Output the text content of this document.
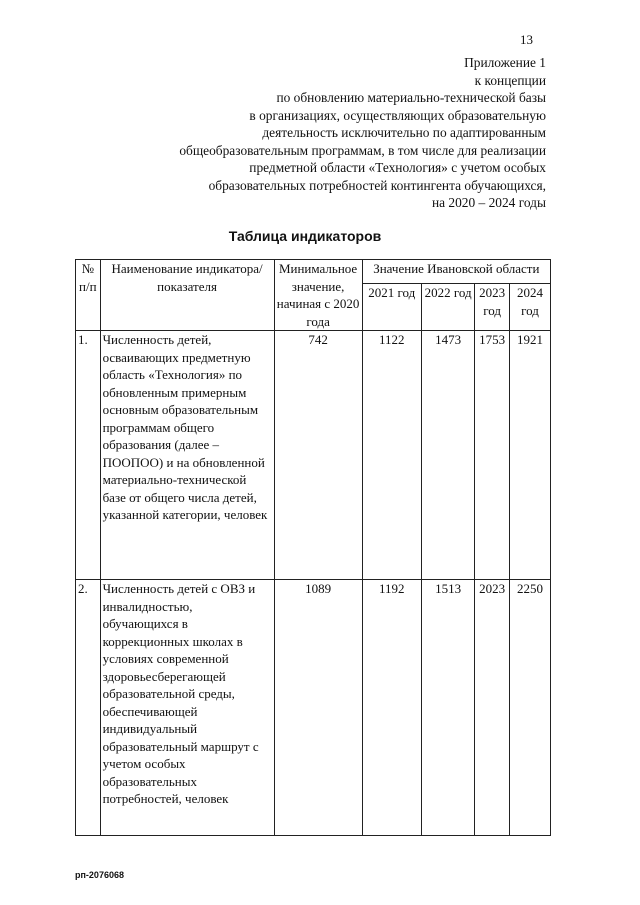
13
Приложение 1
к концепции
по обновлению материально-технической базы
в организациях, осуществляющих образовательную
деятельность исключительно по адаптированным
общеобразовательным программам, в том числе для реализации
предметной области «Технология» с учетом особых
образовательных потребностей контингента обучающихся,
на 2020 – 2024 годы
Таблица индикаторов
№ п/п	Наименование индикатора/показателя	Минимальное значение, начиная с 2020 года	Значение Ивановской области			
			2021 год	2022 год	2023 год	2024 год
1.	Численность детей, осваивающих предметную область «Технология» по обновленным примерным основным образовательным программам общего образования (далее – ПООПОО) и на обновленной материально-технической базе от общего числа детей, указанной категории, человек	742	1122	1473	1753	1921
2.	Численность детей с ОВЗ и инвалидностью, обучающихся в коррекционных школах в условиях современной здоровьесберегающей образовательной среды, обеспечивающей индивидуальный образовательный маршрут с учетом особых образовательных потребностей, человек	1089	1192	1513	2023	2250
рп-2076068
